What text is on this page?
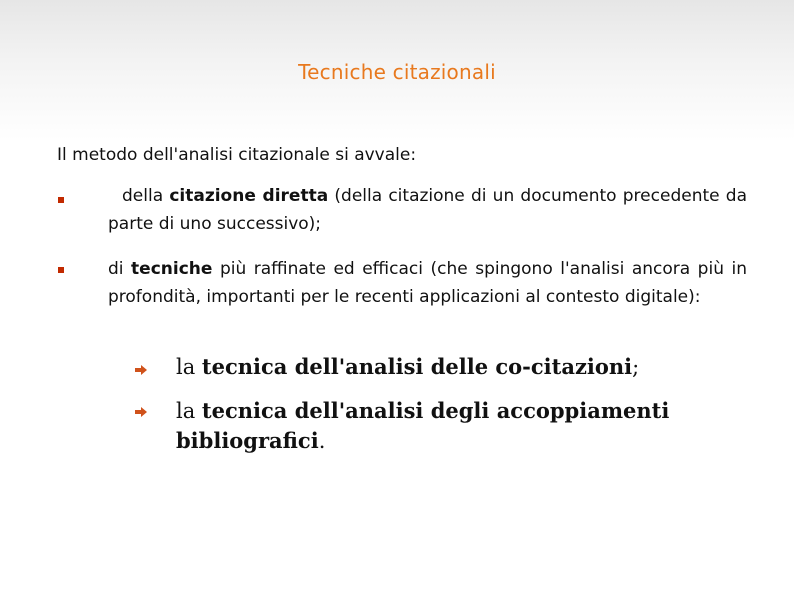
Tecniche citazionali
Il metodo dell'analisi citazionale si avvale:
della citazione diretta (della citazione di un documento precedente da parte di uno successivo);
di tecniche più raffinate ed efficaci (che spingono l'analisi ancora più in profondità, importanti per le recenti applicazioni al contesto digitale):
la tecnica dell'analisi delle co-citazioni;
la tecnica dell'analisi degli accoppiamenti bibliografici.
